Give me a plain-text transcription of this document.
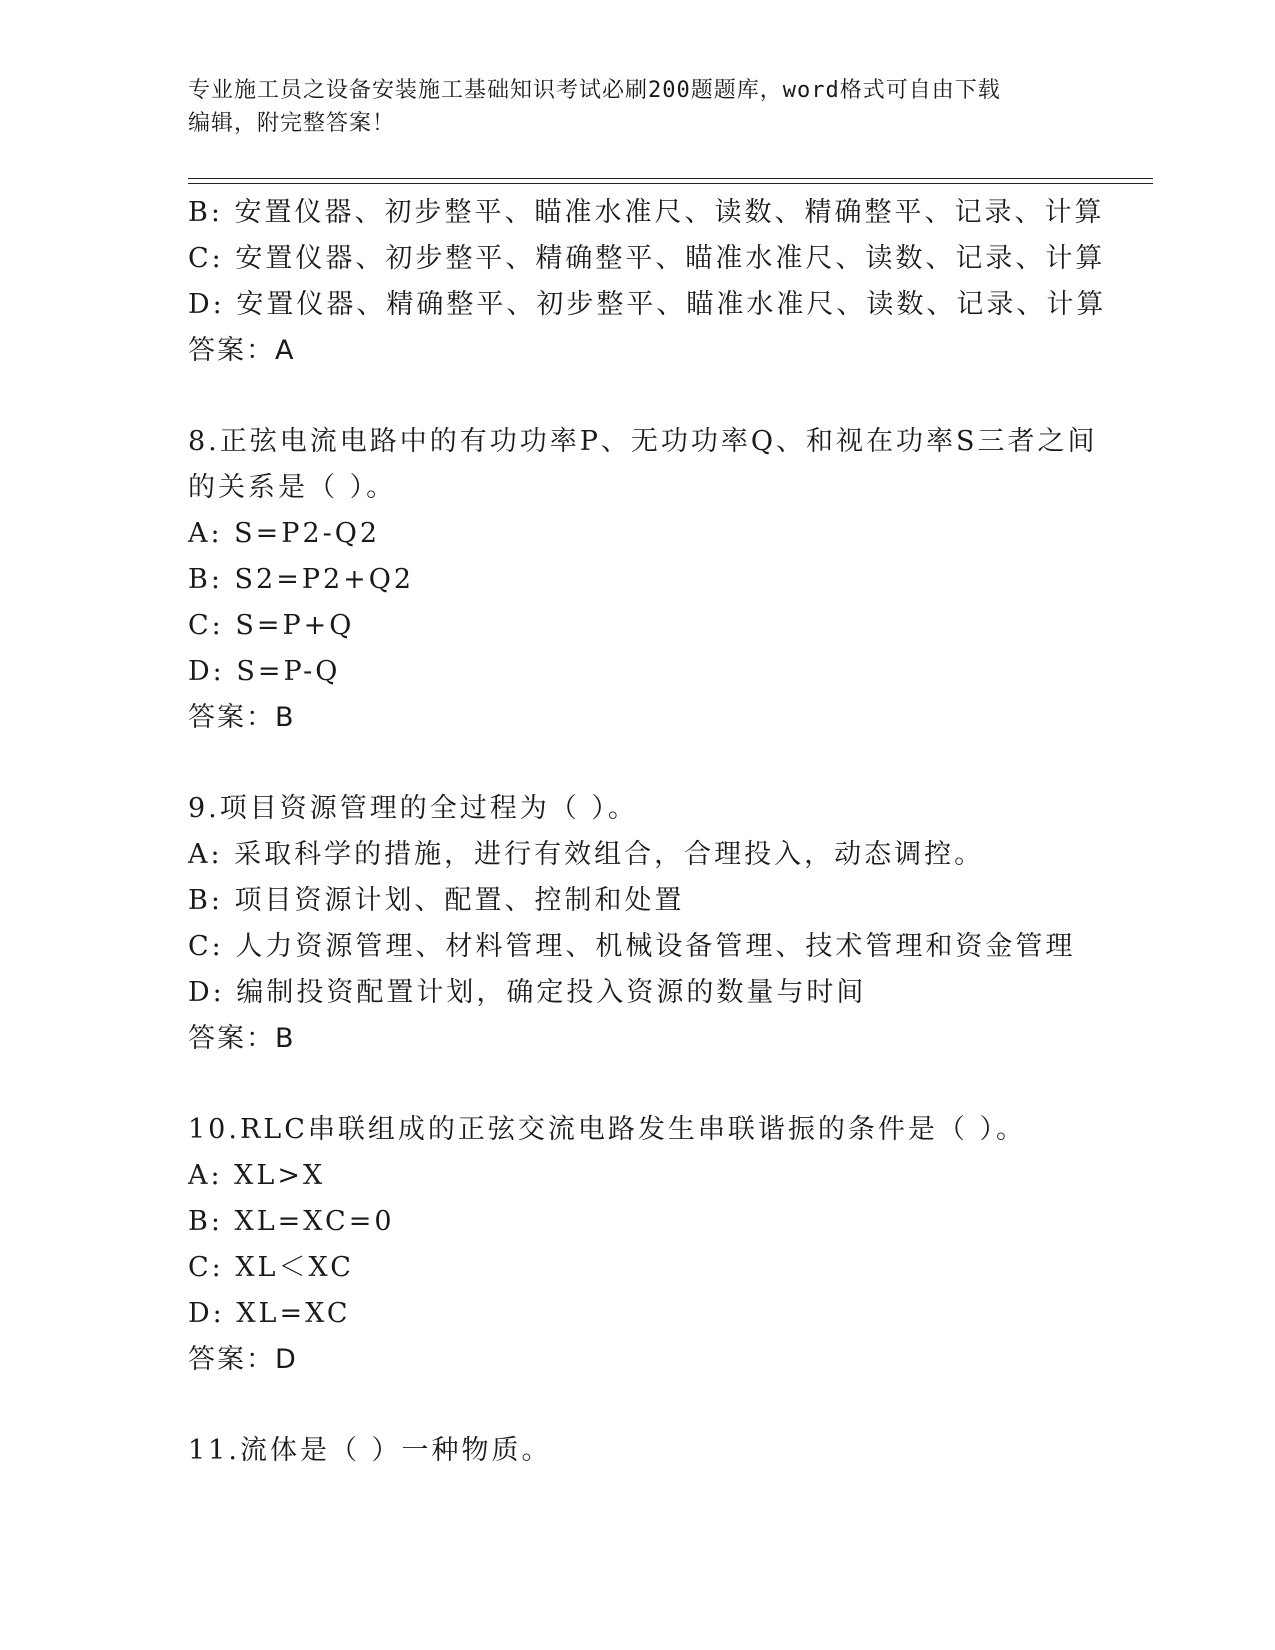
专业施工员之设备安装施工基础知识考试必刷200题题库，word格式可自由下载
编辑，附完整答案！
B: 安置仪器、初步整平、瞄准水准尺、读数、精确整平、记录、计算
C: 安置仪器、初步整平、精确整平、瞄准水准尺、读数、记录、计算
D: 安置仪器、精确整平、初步整平、瞄准水准尺、读数、记录、计算
答案：A
8.正弦电流电路中的有功功率P、无功功率Q、和视在功率S三者之间
的关系是（ ）。
A: S=P2-Q2
B: S2=P2+Q2
C: S=P+Q
D: S=P-Q
答案：B
9.项目资源管理的全过程为（ ）。
A: 采取科学的措施，进行有效组合，合理投入，动态调控。
B: 项目资源计划、配置、控制和处置
C: 人力资源管理、材料管理、机械设备管理、技术管理和资金管理
D: 编制投资配置计划，确定投入资源的数量与时间
答案：B
10.RLC串联组成的正弦交流电路发生串联谐振的条件是（ ）。
A: XL>X
B: XL=XC=0
C: XL＜XC
D: XL=XC
答案：D
11.流体是（ ）一种物质。
